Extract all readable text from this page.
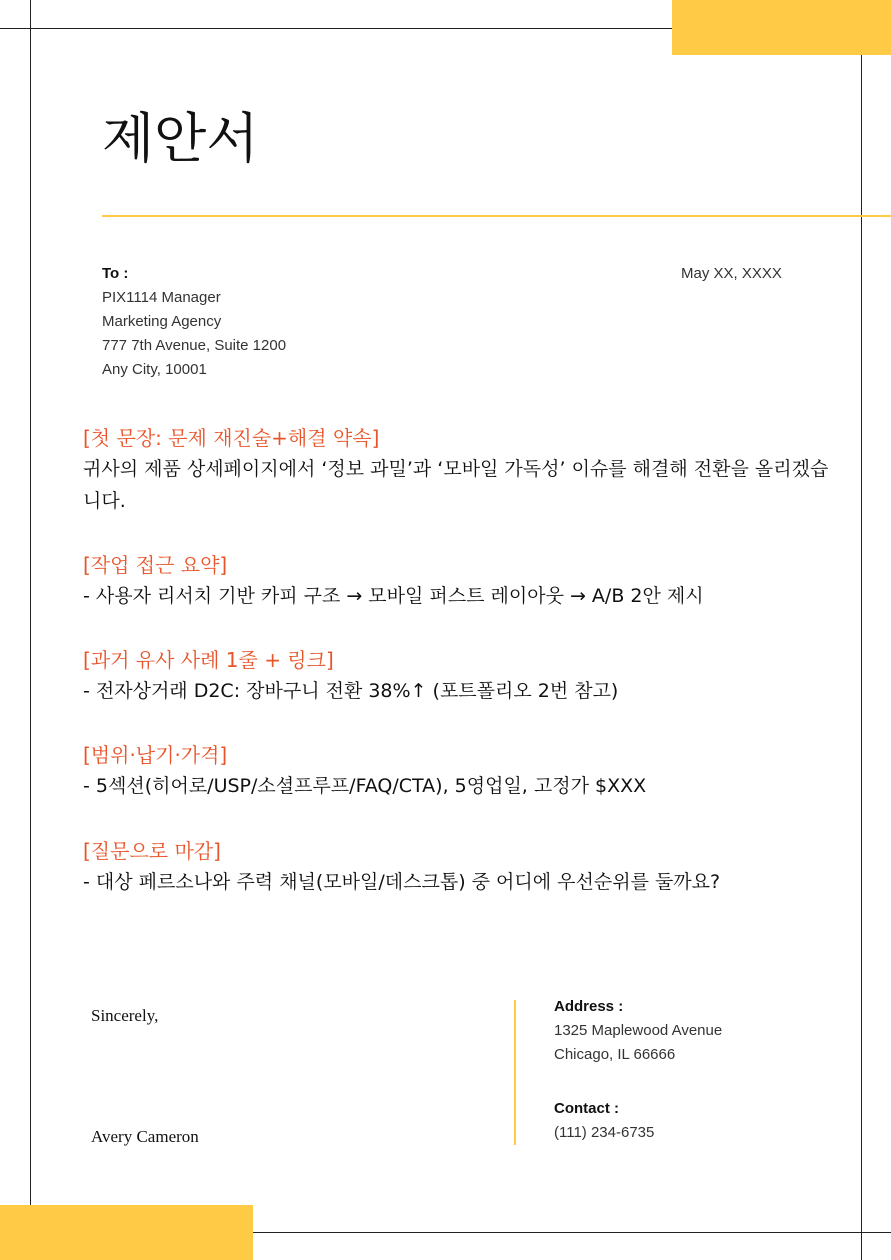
제안서
To :
PIX1114 Manager
Marketing Agency
777 7th Avenue, Suite 1200
Any City, 10001
May XX, XXXX
[첫 문장: 문제 재진술+해결 약속]
귀사의 제품 상세페이지에서 ‘정보 과밀’과 ‘모바일 가독성’ 이슈를 해결해 전환을 올리겠습니다.
[작업 접근 요약]
- 사용자 리서치 기반 카피 구조 → 모바일 퍼스트 레이아웃 → A/B 2안 제시
[과거 유사 사례 1줄 + 링크]
- 전자상거래 D2C: 장바구니 전환 38%↑ (포트폴리오 2번 참고)
[범위·납기·가격]
- 5섹션(히어로/USP/소셜프루프/FAQ/CTA), 5영업일, 고정가 $XXX
[질문으로 마감]
- 대상 페르소나와 주력 채널(모바일/데스크톱) 중 어디에 우선순위를 둘까요?
Sincerely,
Avery Cameron
Address :
1325 Maplewood Avenue
Chicago, IL 66666
Contact :
(111) 234-6735
